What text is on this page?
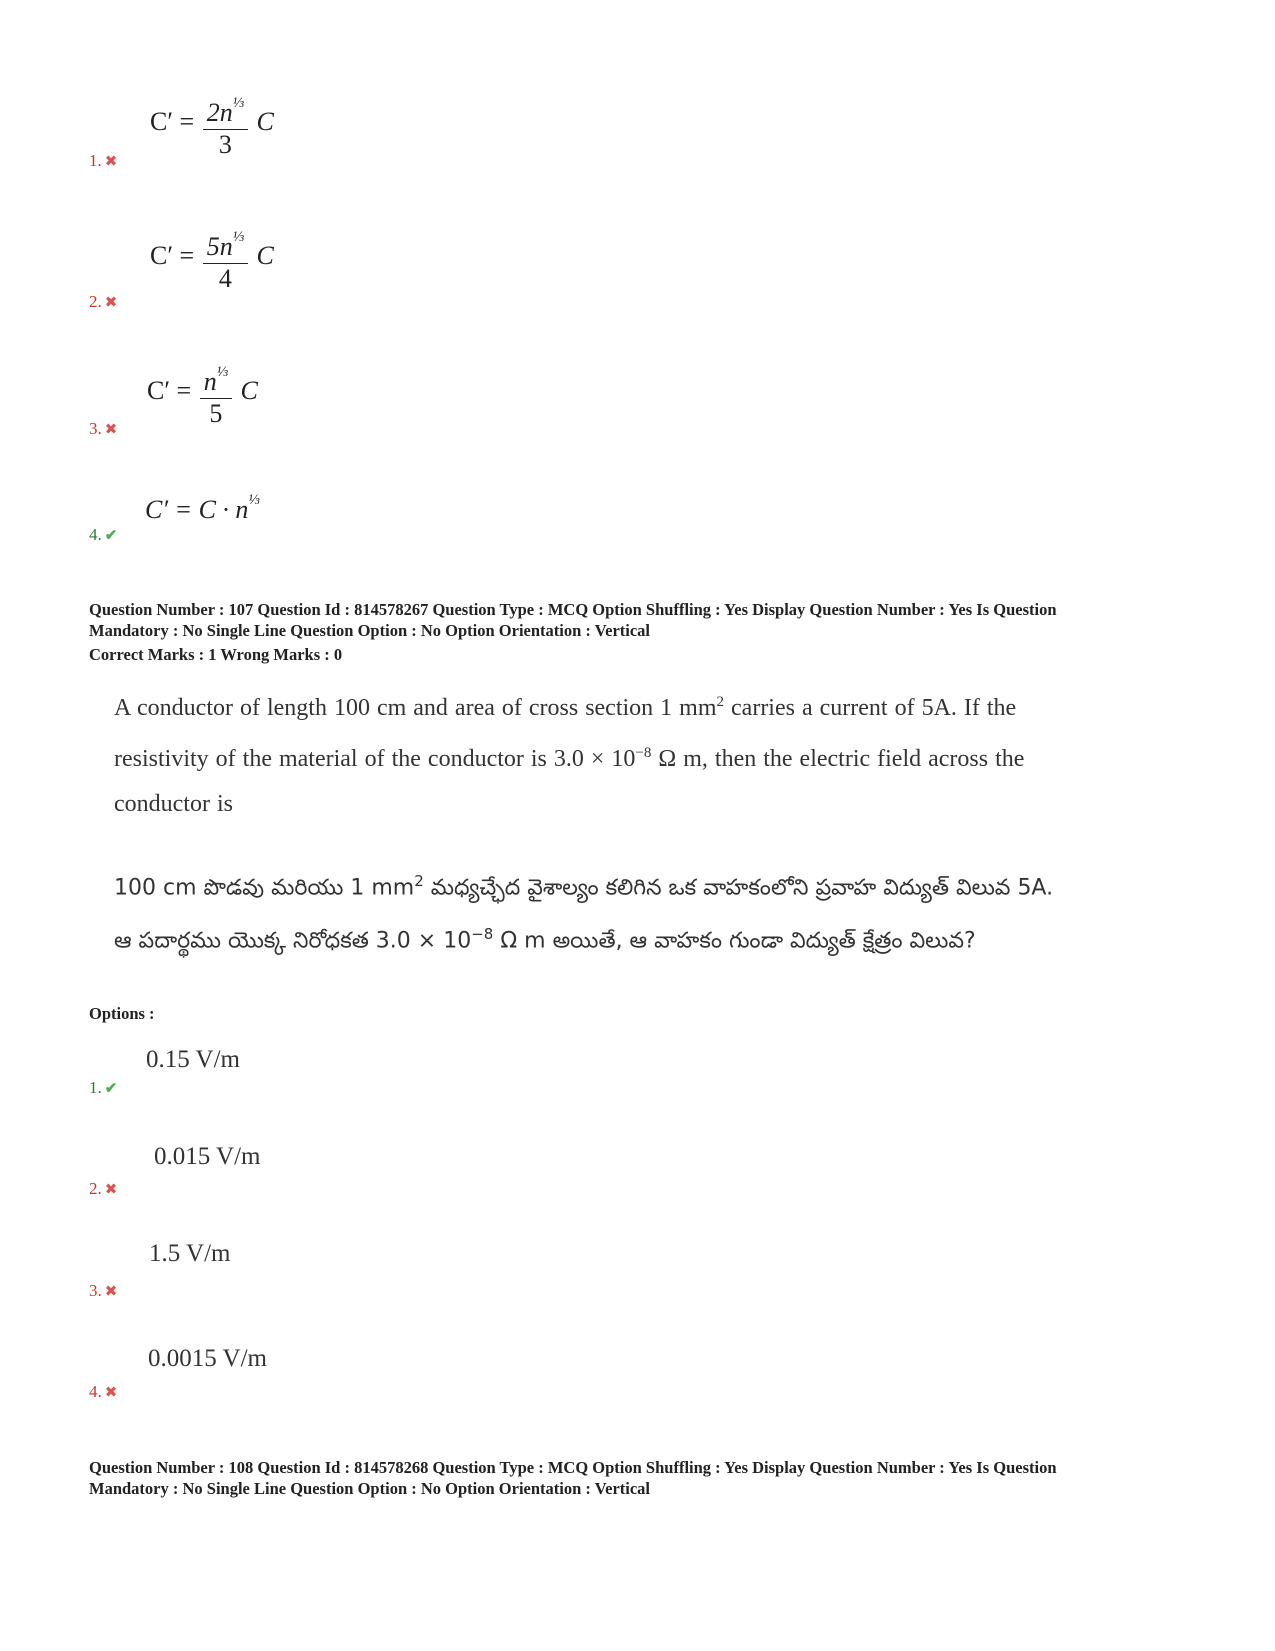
$C' = \frac{2n^{\frac{1}{3}}}{3}$ C
1. ✖
$C' = \frac{5n^{\frac{1}{3}}}{4}$ C
2. ✖
$C' = \frac{n^{\frac{1}{3}}}{5}$ C
3. ✖
$C' = C \cdot n^{\frac{1}{3}}$
4. ✔
Question Number : 107 Question Id : 814578267 Question Type : MCQ Option Shuffling : Yes Display Question Number : Yes Is Question
Mandatory : No Single Line Question Option : No Option Orientation : Vertical
Correct Marks : 1 Wrong Marks : 0
A conductor of length 100 cm and area of cross section 1 $mm^2$ carries a current of 5A. If the resistivity of the material of the conductor is $3.0 \times 10^{-8}$ Ω m, then the electric field across the conductor is
100 cm పొడవు మరియు 1 $mm^2$ మధ్యచ్ఛేద వైశాల్యం కలిగిన ఒక వాహకంలోని ప్రవాహ విద్యుత్ విలువ 5A. ఆ పదార్థము యొక్క నిరోధకత $3.0 \times 10^{-8}$ Ω m అయితే, ఆ వాహకం గుండా విద్యుత్ క్షేత్రం విలువ?
Options :
0.15 V/m
1. ✔
0.015 V/m
2. ✖
1.5 V/m
3. ✖
0.0015 V/m
4. ✖
Question Number : 108 Question Id : 814578268 Question Type : MCQ Option Shuffling : Yes Display Question Number : Yes Is Question
Mandatory : No Single Line Question Option : No Option Orientation : Vertical
